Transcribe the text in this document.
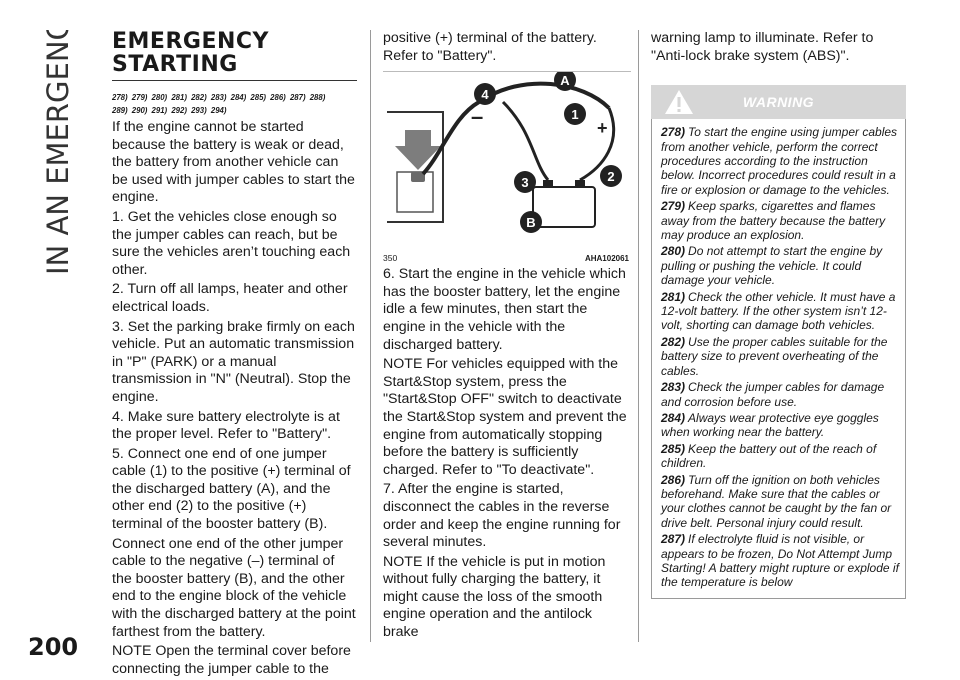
IN AN EMERGENCY
200
EMERGENCY
STARTING
278) 279) 280) 281) 282) 283) 284) 285) 286) 287) 288)
289) 290) 291) 292) 293) 294)

If the engine cannot be started because the battery is weak or dead, the battery from another vehicle can be used with jumper cables to start the engine.

1. Get the vehicles close enough so the jumper cables can reach, but be sure the vehicles aren’t touching each other.

2. Turn off all lamps, heater and other electrical loads.

3. Set the parking brake firmly on each vehicle. Put an automatic transmission in "P" (PARK) or a manual transmission in "N" (Neutral). Stop the engine.

4. Make sure battery electrolyte is at the proper level. Refer to "Battery".

5. Connect one end of one jumper cable (1) to the positive (+) terminal of the discharged battery (A), and the other end (2) to the positive (+) terminal of the booster battery (B).

Connect one end of the other jumper cable to the negative (–) terminal of the booster battery (B), and the other end to the engine block of the vehicle with the discharged battery at the point farthest from the battery.

NOTE Open the terminal cover before connecting the jumper cable to the

positive (+) terminal of the battery. Refer to "Battery".

–	+
4
A
1
3	2
B
350	AHA102061

6. Start the engine in the vehicle which has the booster battery, let the engine idle a few minutes, then start the engine in the vehicle with the discharged battery.

NOTE For vehicles equipped with the Start&Stop system, press the "Start&Stop OFF" switch to deactivate the Start&Stop system and prevent the engine from automatically stopping before the battery is sufficiently charged. Refer to "To deactivate".

7. After the engine is started, disconnect the cables in the reverse order and keep the engine running for several minutes.

NOTE If the vehicle is put in motion without fully charging the battery, it might cause the loss of the smooth engine operation and the antilock brake

warning lamp to illuminate. Refer to "Anti-lock brake system (ABS)".

WARNING

278) To start the engine using jumper cables from another vehicle, perform the correct procedures according to the instruction below. Incorrect procedures could result in a fire or explosion or damage to the vehicles.

279) Keep sparks, cigarettes and flames away from the battery because the battery may produce an explosion.

280) Do not attempt to start the engine by pulling or pushing the vehicle. It could damage your vehicle.

281) Check the other vehicle. It must have a 12-volt battery. If the other system isn’t 12-volt, shorting can damage both vehicles.

282) Use the proper cables suitable for the battery size to prevent overheating of the cables.

283) Check the jumper cables for damage and corrosion before use.

284) Always wear protective eye goggles when working near the battery.

285) Keep the battery out of the reach of children.

286) Turn off the ignition on both vehicles beforehand. Make sure that the cables or your clothes cannot be caught by the fan or drive belt. Personal injury could result.

287) If electrolyte fluid is not visible, or appears to be frozen, Do Not Attempt Jump Starting! A battery might rupture or explode if the temperature is below
